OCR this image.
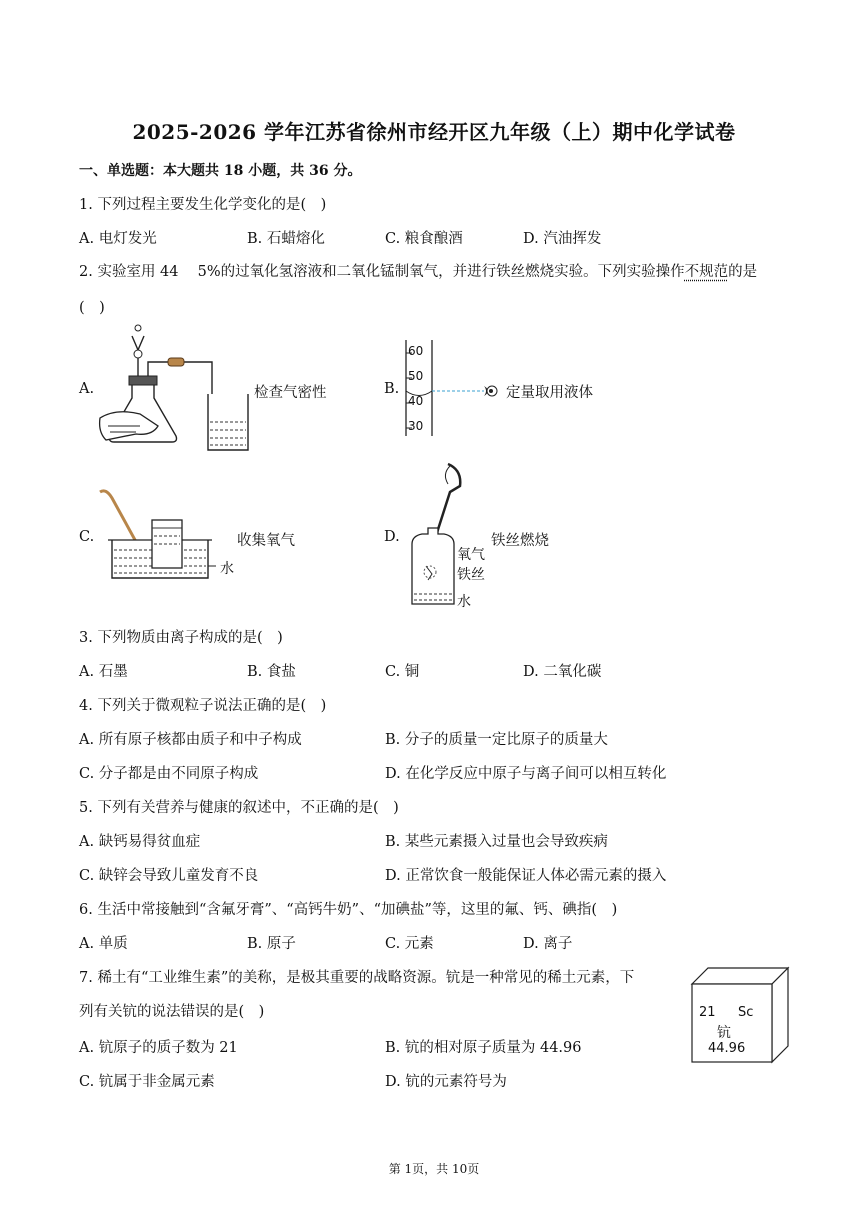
2025-2026 学年江苏省徐州市经开区九年级（上）期中化学试卷
一、单选题：本大题共 18 小题，共 36 分。
1. 下列过程主要发生化学变化的是(　)
A. 电灯发光	B. 石蜡熔化	C. 粮食酿酒	D. 汽油挥发
2. 实验室用 44　 5%的过氧化氢溶液和二氧化锰制氧气，并进行铁丝燃烧实验。下列实验操作不规范的是
(　)
A.	检查气密性	B.
60
50
40
30
定量取用液体
C.
水
收集氧气	D.
氧气
铁丝
水
铁丝燃烧
3. 下列物质由离子构成的是(　)
A. 石墨	B. 食盐	C. 铜	D. 二氧化碳
4. 下列关于微观粒子说法正确的是(　)
A. 所有原子核都由质子和中子构成	B. 分子的质量一定比原子的质量大
C. 分子都是由不同原子构成	D. 在化学反应中原子与离子间可以相互转化
5. 下列有关营养与健康的叙述中，不正确的是(　)
A. 缺钙易得贫血症	B. 某些元素摄入过量也会导致疾病
C. 缺锌会导致儿童发育不良	D. 正常饮食一般能保证人体必需元素的摄入
6. 生活中常接触到“含氟牙膏”、“高钙牛奶”、“加碘盐”等，这里的氟、钙、碘指(　)
A. 单质	B. 原子	C. 元素	D. 离子
7. 稀土有“工业维生素”的美称，是极其重要的战略资源。钪是一种常见的稀土元素，下
列有关钪的说法错误的是(　)
A. 钪原子的质子数为 21	B. 钪的相对原子质量为 44.96
C. 钪属于非金属元素	D. 钪的元素符号为
21 Sc
钪
44.96
第 1页，共 10页
